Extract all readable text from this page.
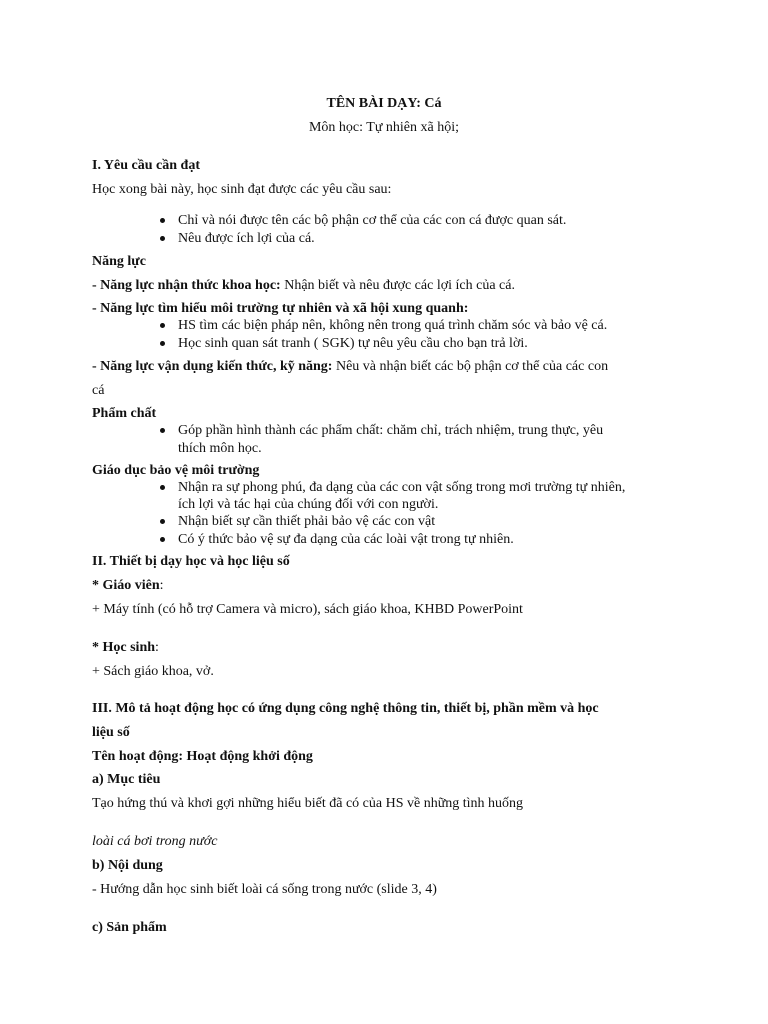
TÊN BÀI DẠY: Cá
Môn học: Tự nhiên xã hội;
I. Yêu cầu cần đạt
Học xong bài này, học sinh đạt được các yêu cầu sau:
Chỉ và nói được tên các bộ phận cơ thể của các con cá được quan sát.
Nêu được ích lợi của cá.
Năng lực
- Năng lực nhận thức khoa học: Nhận biết và nêu được các lợi ích của cá.
- Năng lực tìm hiểu môi trường tự nhiên và xã hội xung quanh:
HS tìm các biện pháp nên, không nên trong quá trình chăm sóc và bảo vệ cá.
Học sinh quan sát tranh ( SGK) tự nêu yêu cầu cho bạn trả lời.
- Năng lực vận dụng kiến thức, kỹ năng: Nêu và nhận biết các bộ phận cơ thể của các con
cá
Phẩm chất
Góp phần hình thành các phẩm chất: chăm chỉ, trách nhiệm, trung thực, yêu
thích môn học.
Giáo dục bảo vệ môi trường
Nhận ra sự phong phú, đa dạng của các con vật sống trong mơi trường tự nhiên,
ích lợi và tác hại của chúng đối với con người.
Nhận biết sự cần thiết phải bảo vệ các con vật
Có ý thức bảo vệ sự đa dạng của các loài vật trong tự nhiên.
II. Thiết bị dạy học và học liệu số
* Giáo viên:
+ Máy tính (có hỗ trợ Camera và micro), sách giáo khoa, KHBD PowerPoint
* Học sinh:
+ Sách giáo khoa, vở.
III. Mô tả hoạt động học có ứng dụng công nghệ thông tin, thiết bị, phần mềm và học
liệu số
Tên hoạt động: Hoạt động khởi động
a) Mục tiêu
Tạo hứng thú và khơi gợi những hiểu biết đã có của HS về những tình huống
loài cá bơi trong nước
b) Nội dung
- Hướng dẫn học sinh biết loài cá sống trong nước (slide 3, 4)
c) Sản phẩm
